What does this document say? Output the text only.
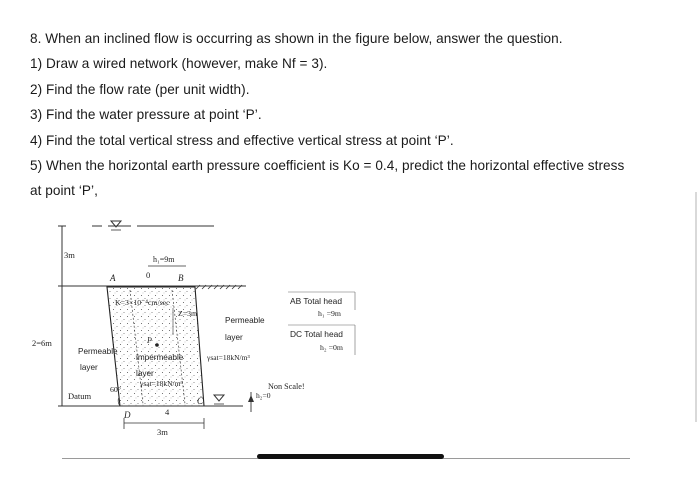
8. When an inclined flow is occurring as shown in the figure below, answer the question.
1) Draw a wired network (however, make Nf = 3).
2) Find the flow rate (per unit width).
3) Find the water pressure at point ‘P’.
4) Find the total vertical stress and effective vertical stress at point ‘P’.
5) When the horizontal earth pressure coefficient is Ko = 0.4, predict the horizontal effective stress
at point ‘P’,
3m
2=6m
Datum
h₁=9m
A	0	B
D
C
4
3m
K=3×10⁻⁴cm/sec
Z=3m
P
Permeable
layer
impermeable
layer
γsat=18kN/m³
Permeable
layer
γsat=18kN/m³
60°
h₂=0
Non Scale!
AB Total head
h₁ =9m
DC Total head
h₂ =0m
